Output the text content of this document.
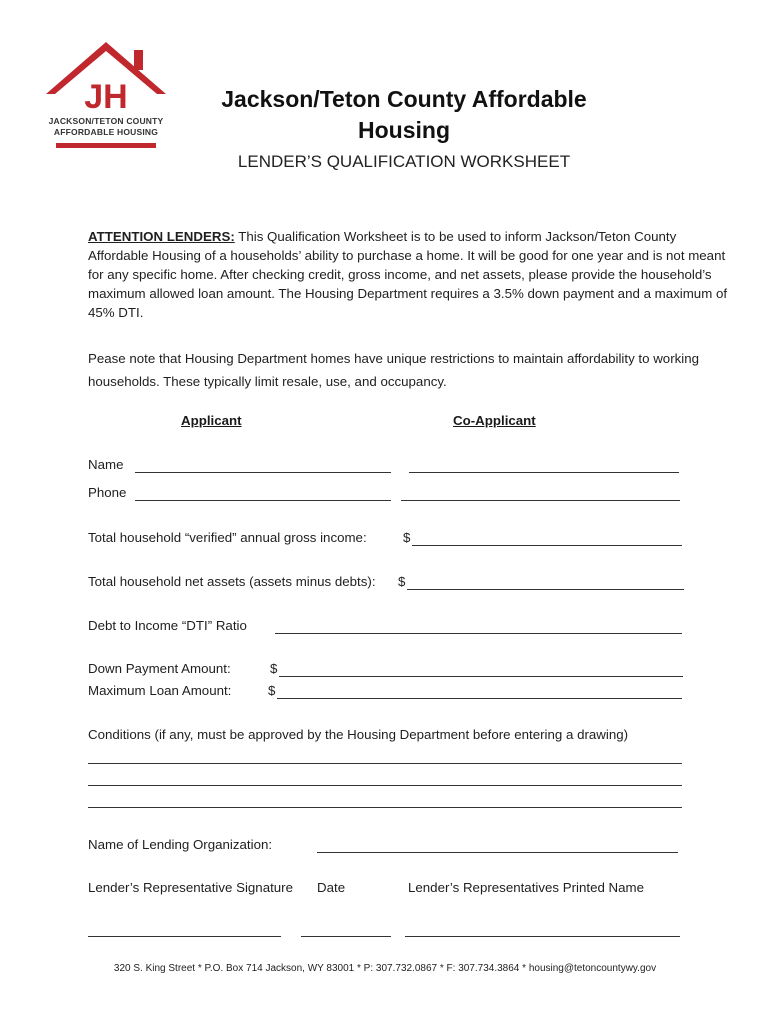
JH
JACKSON/TETON COUNTY
AFFORDABLE HOUSING
Jackson/Teton County Affordable
Housing
LENDER’S QUALIFICATION WORKSHEET
ATTENTION LENDERS: This Qualification Worksheet is to be used to inform Jackson/Teton County Affordable Housing of a households’ ability to purchase a home. It will be good for one year and is not meant for any specific home. After checking credit, gross income, and net assets, please provide the household’s maximum allowed loan amount. The Housing Department requires a 3.5% down payment and a maximum of 45% DTI.
Pease note that Housing Department homes have unique restrictions to maintain affordability to working households. These typically limit resale, use, and occupancy.
Applicant	Co-Applicant
Name
Phone
Total household “verified” annual gross income:	$
Total household net assets (assets minus debts): $
Debt to Income “DTI” Ratio
Down Payment Amount:	$
Maximum Loan Amount:	$
Conditions (if any, must be approved by the Housing Department before entering a drawing)
Name of Lending Organization:
Lender’s Representative Signature Date	Lender’s Representatives Printed Name
320 S. King Street * P.O. Box 714 Jackson, WY 83001 * P: 307.732.0867 * F: 307.734.3864 * housing@tetoncountywy.gov
